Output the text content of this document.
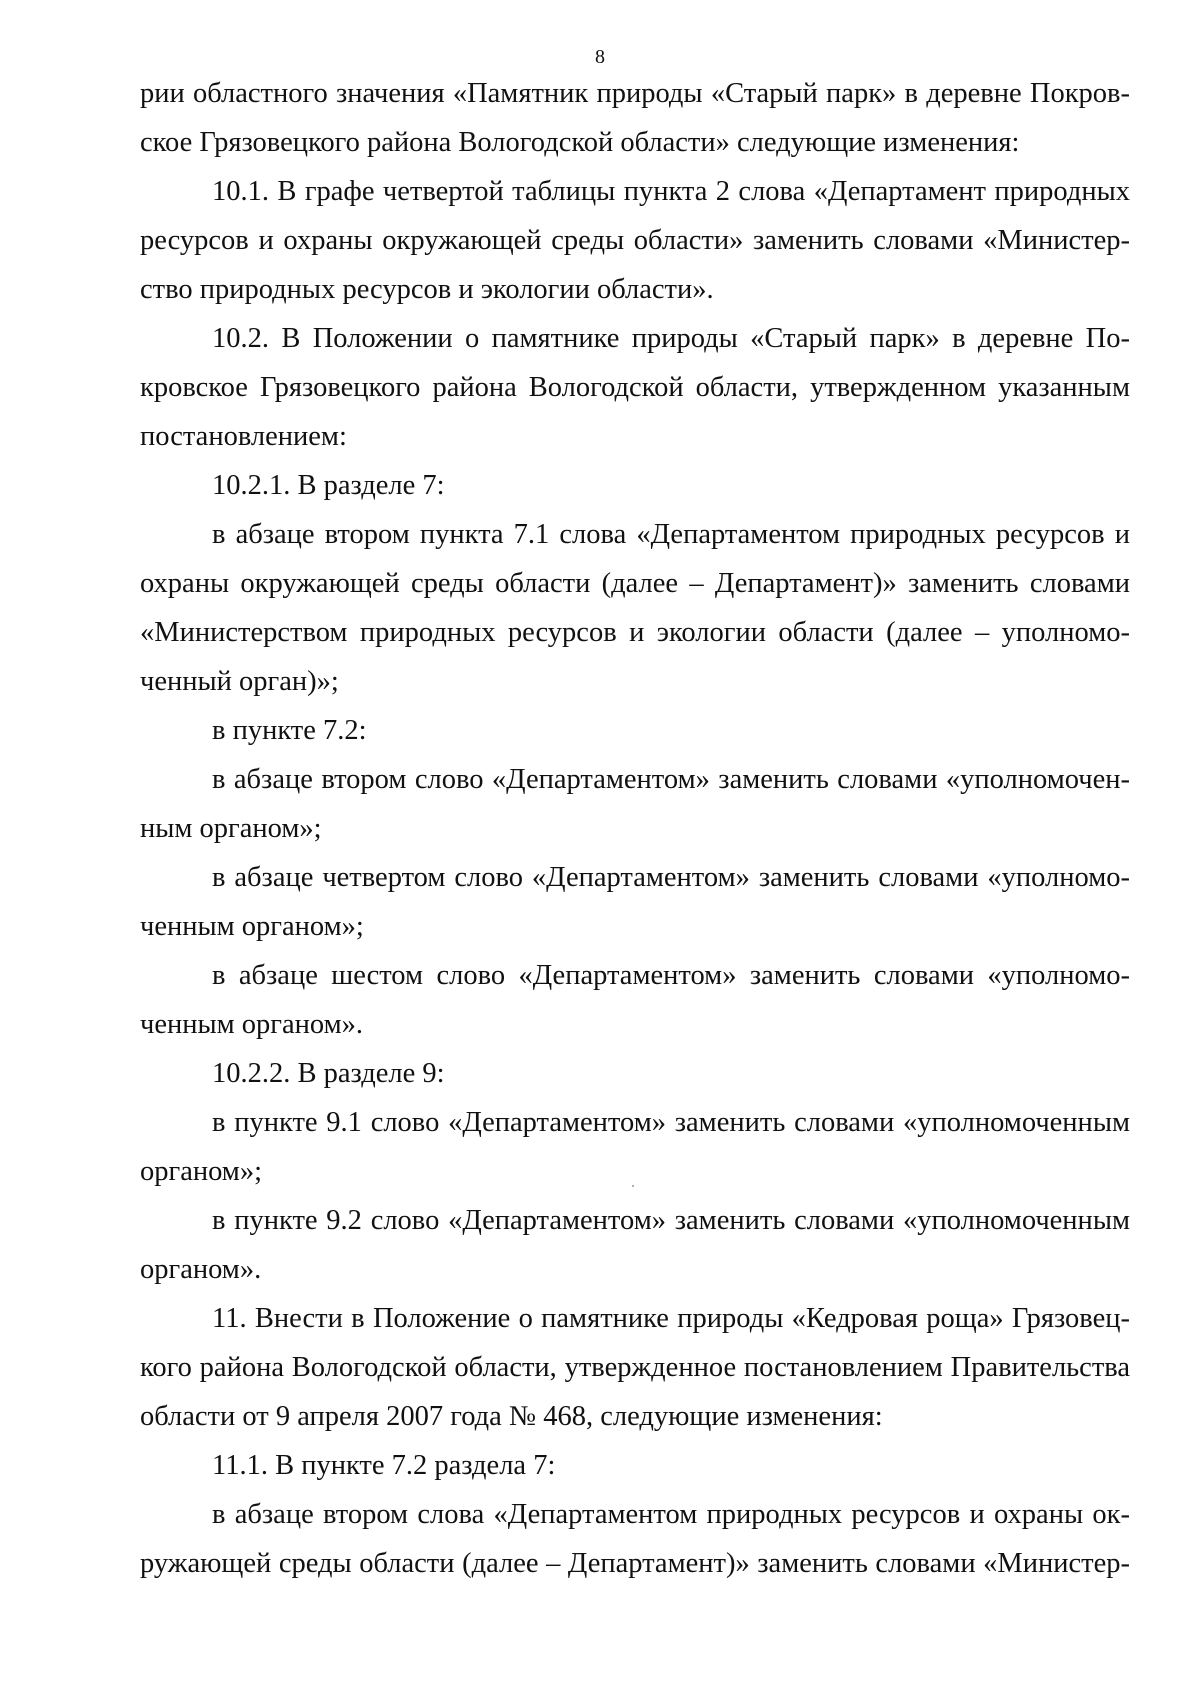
8
рии областного значения «Памятник природы «Старый парк» в деревне Покров-
ское Грязовецкого района Вологодской области» следующие изменения:
10.1. В графе четвертой таблицы пункта 2 слова «Департамент природных
ресурсов и охраны окружающей среды области» заменить словами «Министер-
ство природных ресурсов и экологии области».
10.2. В Положении о памятнике природы «Старый парк» в деревне По-
кровское Грязовецкого района Вологодской области, утвержденном указанным
постановлением:
10.2.1. В разделе 7:
в абзаце втором пункта 7.1 слова «Департаментом природных ресурсов и
охраны окружающей среды области (далее – Департамент)» заменить словами
«Министерством природных ресурсов и экологии области (далее – уполномо-
ченный орган)»;
в пункте 7.2:
в абзаце втором слово «Департаментом» заменить словами «уполномочен-
ным органом»;
в абзаце четвертом слово «Департаментом» заменить словами «уполномо-
ченным органом»;
в абзаце шестом слово «Департаментом» заменить словами «уполномо-
ченным органом».
10.2.2. В разделе 9:
в пункте 9.1 слово «Департаментом» заменить словами «уполномоченным
органом»;
в пункте 9.2 слово «Департаментом» заменить словами «уполномоченным
органом».
11. Внести в Положение о памятнике природы «Кедровая роща» Грязовец-
кого района Вологодской области, утвержденное постановлением Правительства
области от 9 апреля 2007 года № 468, следующие изменения:
11.1. В пункте 7.2 раздела 7:
в абзаце втором слова «Департаментом природных ресурсов и охраны ок-
ружающей среды области (далее – Департамент)» заменить словами «Министер-
